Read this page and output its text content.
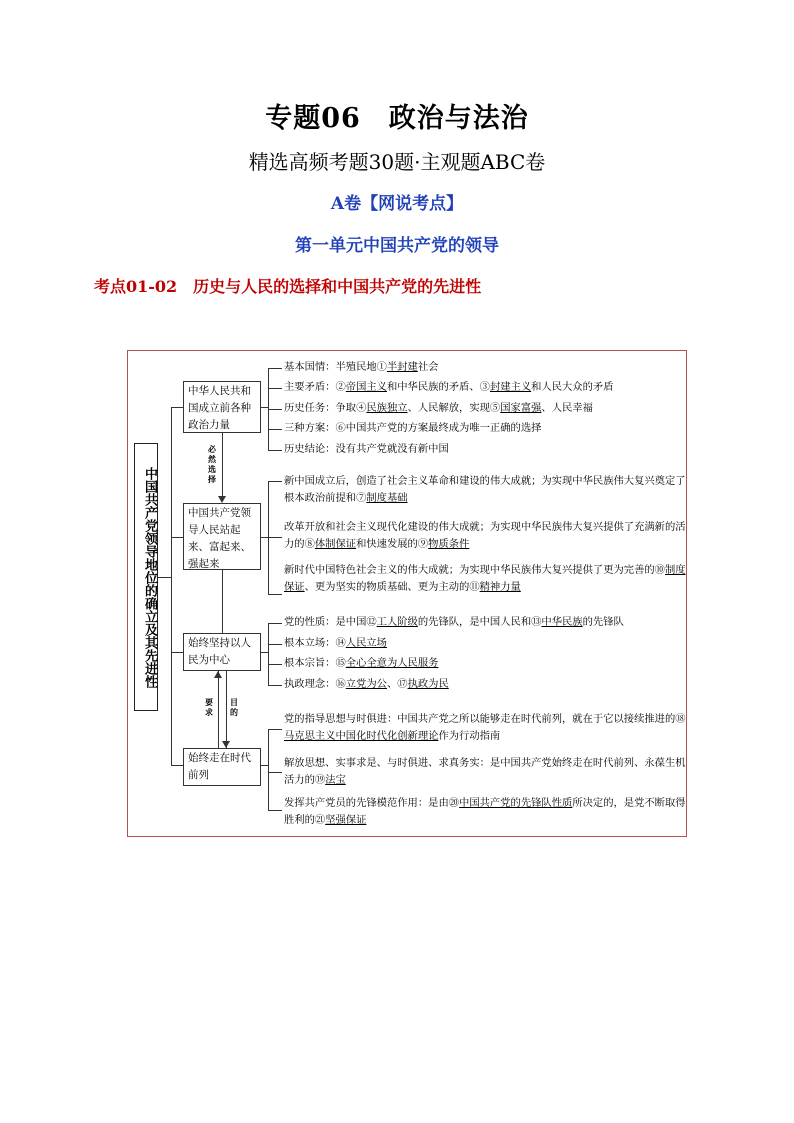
专题06　政治与法治
精选高频考题30题·主观题ABC卷
A卷【网说考点】
第一单元中国共产党的领导
考点01-02　历史与人民的选择和中国共产党的先进性
中国共产党领导地位的确立及其先进性
中华人民共和国成立前各种政治力量
中国共产党领导人民站起来、富起来、强起来
始终坚持以人民为中心
始终走在时代前列
必然选择
要求
目的
基本国情：半殖民地①半封建社会
主要矛盾：②帝国主义和中华民族的矛盾、③封建主义和人民大众的矛盾
历史任务：争取④民族独立、人民解放，实现⑤国家富强、人民幸福
三种方案：⑥中国共产党的方案最终成为唯一正确的选择
历史结论：没有共产党就没有新中国
新中国成立后，创造了社会主义革命和建设的伟大成就；为实现中华民族伟大复兴奠定了根本政治前提和⑦制度基础
改革开放和社会主义现代化建设的伟大成就；为实现中华民族伟大复兴提供了充满新的活力的⑧体制保证和快速发展的⑨物质条件
新时代中国特色社会主义的伟大成就；为实现中华民族伟大复兴提供了更为完善的⑩制度保证、更为坚实的物质基础、更为主动的⑪精神力量
党的性质：是中国⑫工人阶级的先锋队，是中国人民和⑬中华民族的先锋队
根本立场：⑭人民立场
根本宗旨：⑮全心全意为人民服务
执政理念：⑯立党为公、⑰执政为民
党的指导思想与时俱进：中国共产党之所以能够走在时代前列，就在于它以接续推进的⑱马克思主义中国化时代化创新理论作为行动指南
解放思想、实事求是、与时俱进、求真务实：是中国共产党始终走在时代前列、永葆生机活力的⑲法宝
发挥共产党员的先锋模范作用：是由⑳中国共产党的先锋队性质所决定的，是党不断取得胜利的㉑坚强保证
